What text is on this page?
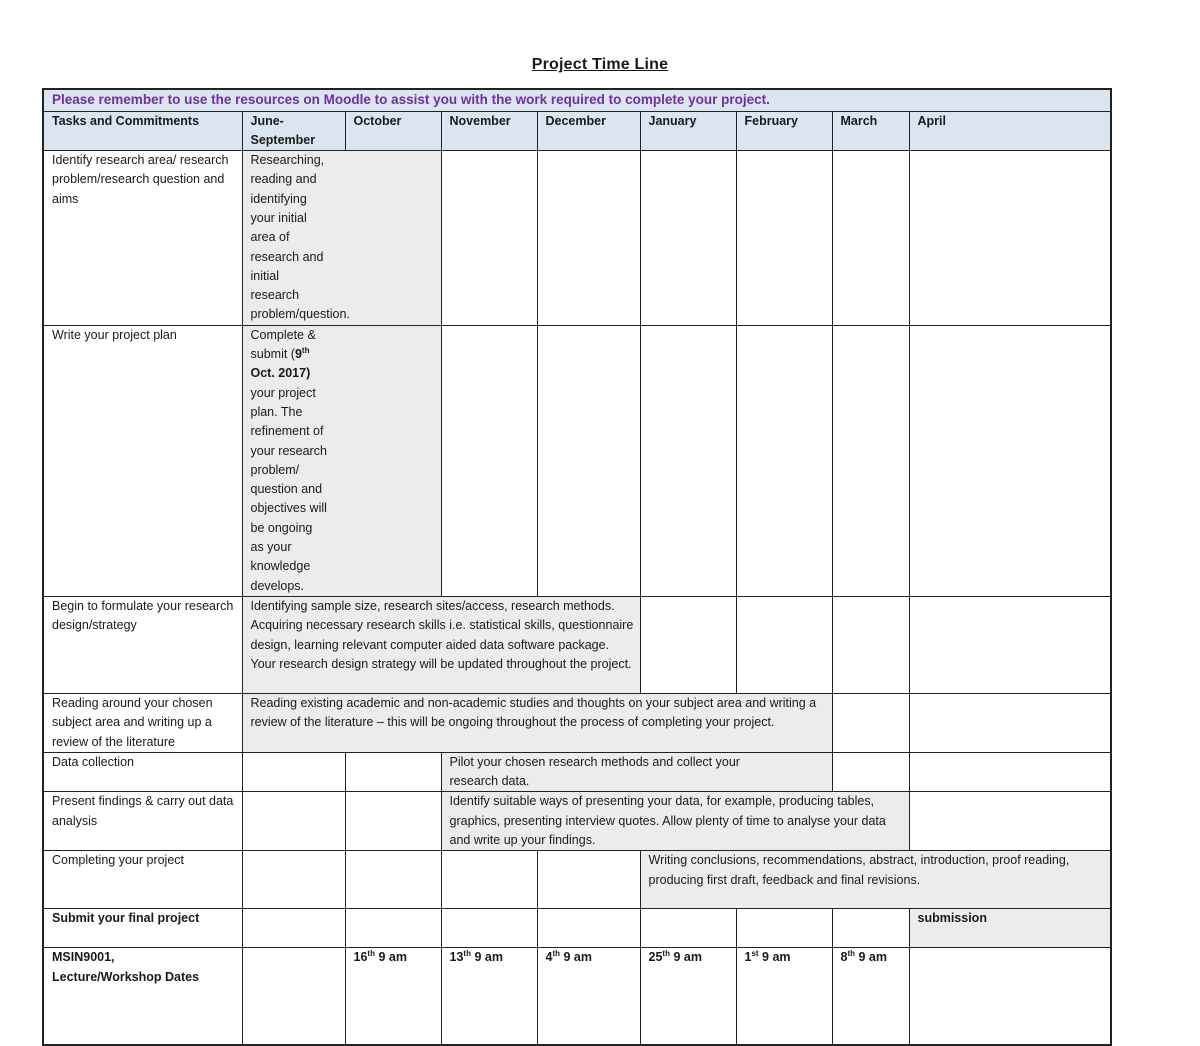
Project Time Line
Please remember to use the resources on Moodle to assist you with the work required to complete your project.								
Tasks and Commitments	June-September	October	November	December	January	February	March	April
Identify research area/ research problem/research question and aims	Researching, reading and identifying your initial area of research and initial research problem/question.							
Write your project plan	Complete & submit (9th Oct. 2017) your project plan. The refinement of your research problem/ question and objectives will be ongoing as your knowledge develops.							
Begin to formulate your research design/strategy	Identifying sample size, research sites/access, research methods. Acquiring necessary research skills i.e. statistical skills, questionnaire design, learning relevant computer aided data software package. Your research design strategy will be updated throughout the project.							
Reading around your chosen subject area and writing up a review of the literature	Reading existing academic and non-academic studies and thoughts on your subject area and writing a review of the literature – this will be ongoing throughout the process of completing your project.							
Data collection			Pilot your chosen research methods and collect your research data.					
Present findings & carry out data analysis			Identify suitable ways of presenting your data, for example, producing tables, graphics, presenting interview quotes. Allow plenty of time to analyse your data and write up your findings.					
Completing your project					Writing conclusions, recommendations, abstract, introduction, proof reading, producing first draft, feedback and final revisions.			
Submit your final project								submission
MSIN9001,
Lecture/Workshop Dates		16th 9 am	13th 9 am	4th 9 am	25th 9 am	1st 9 am	8th 9 am	
